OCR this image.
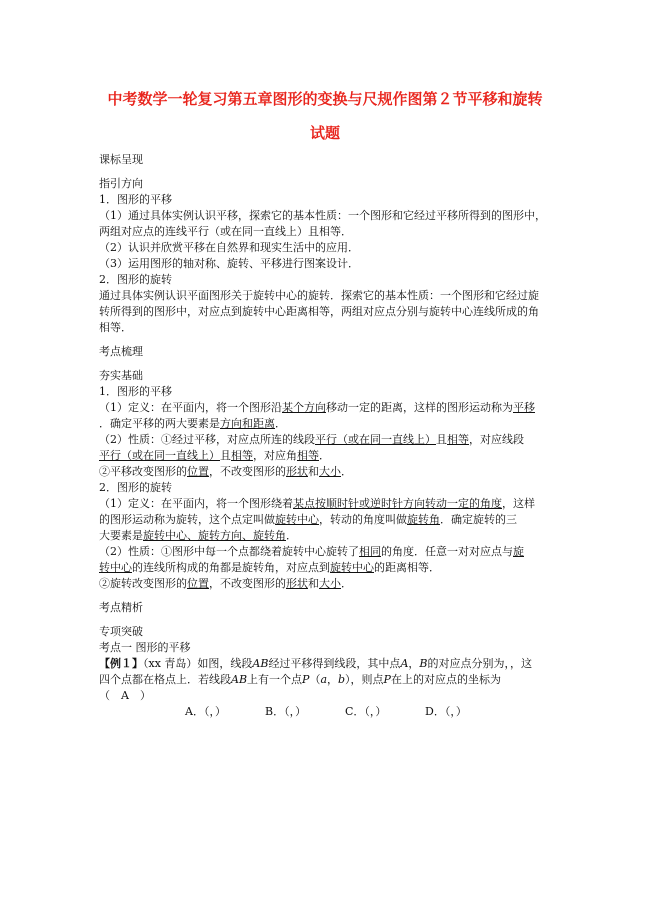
中考数学一轮复习第五章图形的变换与尺规作图第２节平移和旋转
试题
课标呈现
指引方向
1．图形的平移
（1）通过具体实例认识平移，探索它的基本性质：一个图形和它经过平移所得到的图形中，
两组对应点的连线平行（或在同一直线上）且相等．
（2）认识并欣赏平移在自然界和现实生活中的应用．
（3）运用图形的轴对称、旋转、平移进行图案设计．
2．图形的旋转
通过具体实例认识平面图形关于旋转中心的旋转．探索它的基本性质：一个图形和它经过旋
转所得到的图形中，对应点到旋转中心距离相等，两组对应点分别与旋转中心连线所成的角
相等．
考点梳理
夯实基础
1．图形的平移
（1）定义：在平面内，将一个图形沿某个方向移动一定的距离，这样的图形运动称为平移
．确定平移的两大要素是方向和距离．
（2）性质：①经过平移，对应点所连的线段平行（或在同一直线上）且相等，对应线段
平行（或在同一直线上）且相等，对应角相等．
②平移改变图形的位置，不改变图形的形状和大小．
2．图形的旋转
（1）定义：在平面内，将一个图形绕着某点按顺时针或逆时针方向转动一定的角度，这样
的图形运动称为旋转，这个点定叫做旋转中心，转动的角度叫做旋转角．确定旋转的三
大要素是旋转中心、旋转方向、旋转角．
（2）性质：①图形中每一个点都绕着旋转中心旋转了相同的角度．任意一对对应点与旋
转中心的连线所构成的角都是旋转角，对应点到旋转中心的距离相等．
②旋转改变图形的位置，不改变图形的形状和大小．
考点精析
专项突破
考点一 图形的平移
【例１】（xx 青岛）如图，线段AB经过平移得到线段，其中点A，B的对应点分别为，，这
四个点都在格点上．若线段AB上有一个点P（a，b），则点P在上的对应点的坐标为
（　A　）
A．（，）	B．（，）	C．（，）	D．（，）
